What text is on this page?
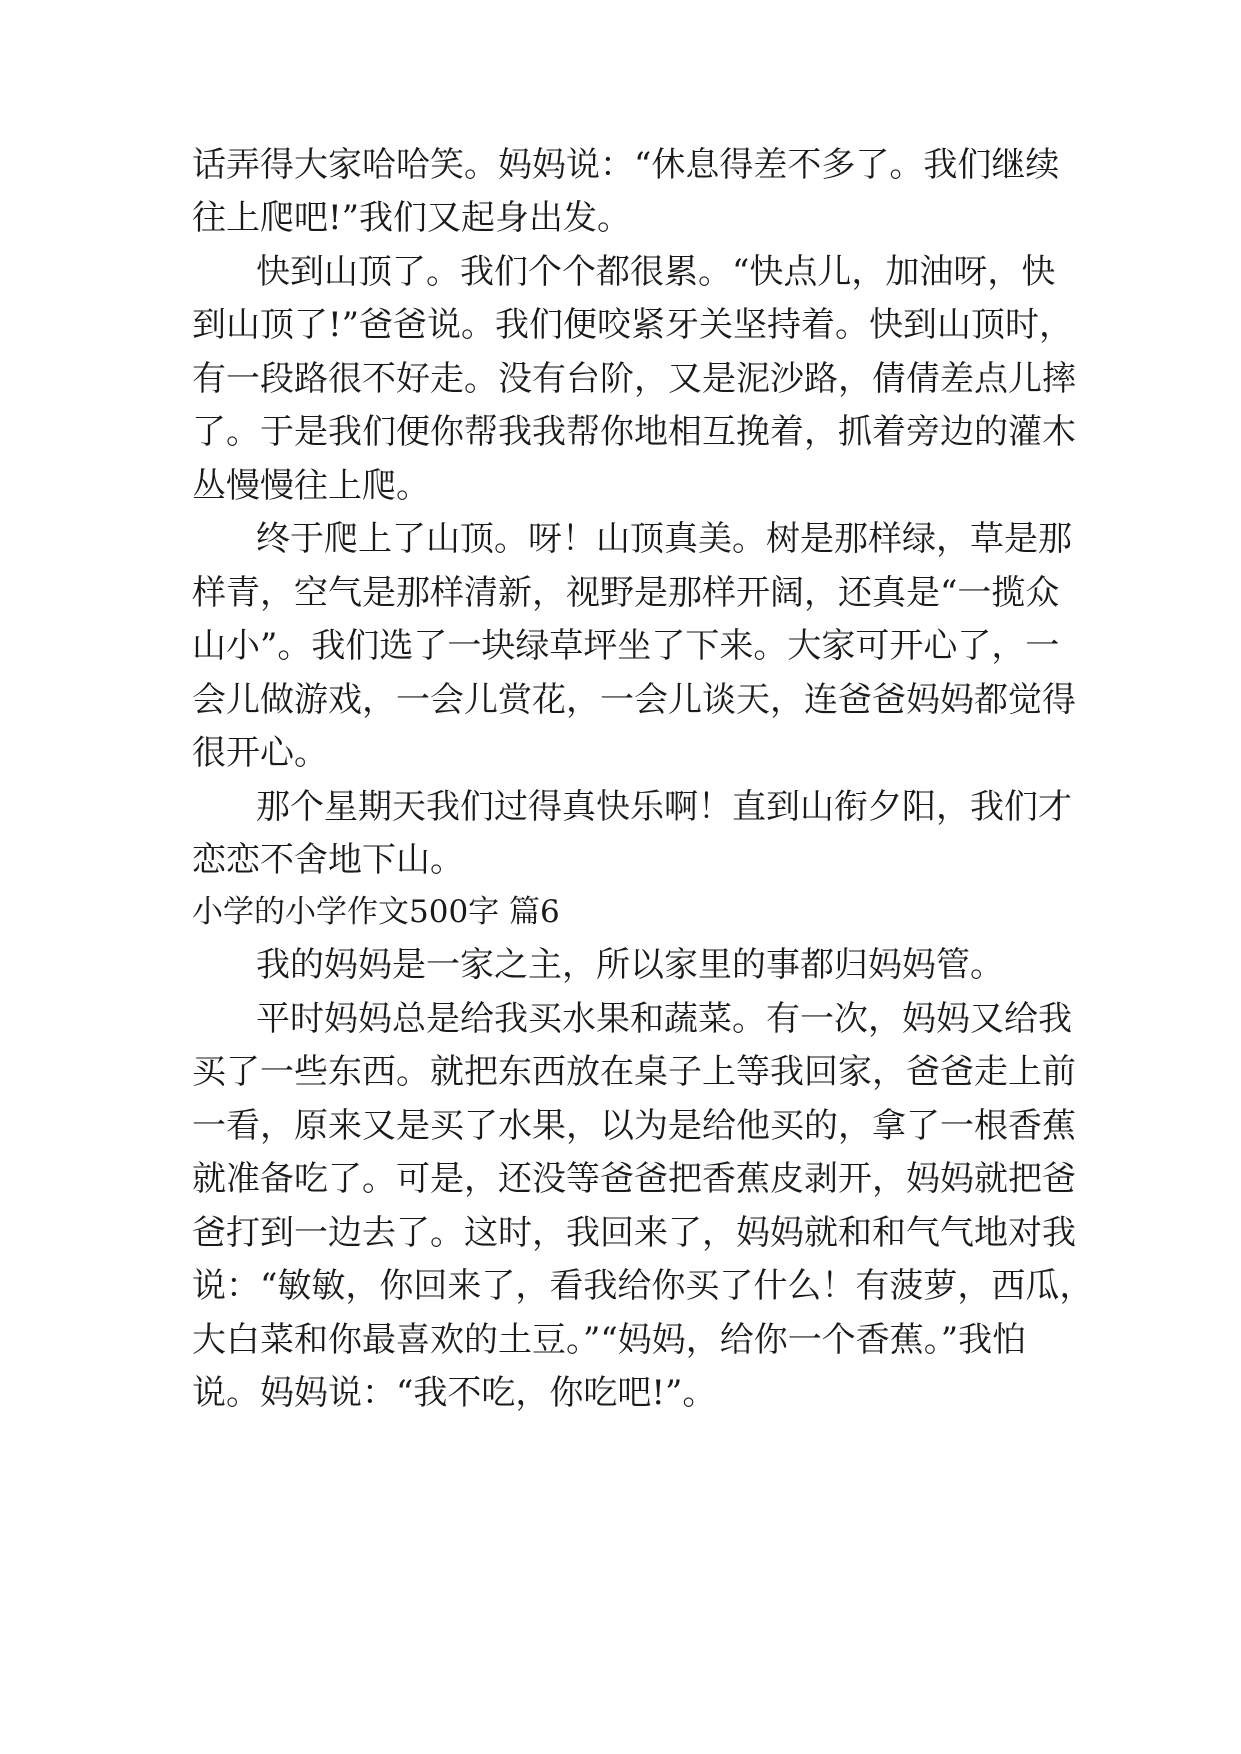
话弄得大家哈哈笑。妈妈说：“休息得差不多了。我们继续
往上爬吧!”我们又起身出发。
快到山顶了。我们个个都很累。“快点儿，加油呀，快
到山顶了!”爸爸说。我们便咬紧牙关坚持着。快到山顶时，
有一段路很不好走。没有台阶，又是泥沙路，倩倩差点儿摔
了。于是我们便你帮我我帮你地相互挽着，抓着旁边的灌木
丛慢慢往上爬。
终于爬上了山顶。呀！山顶真美。树是那样绿，草是那
样青，空气是那样清新，视野是那样开阔，还真是“一揽众
山小”。我们选了一块绿草坪坐了下来。大家可开心了，一
会儿做游戏，一会儿赏花，一会儿谈天，连爸爸妈妈都觉得
很开心。
那个星期天我们过得真快乐啊！直到山衔夕阳，我们才
恋恋不舍地下山。
小学的小学作文500字 篇6
我的妈妈是一家之主，所以家里的事都归妈妈管。
平时妈妈总是给我买水果和蔬菜。有一次，妈妈又给我
买了一些东西。就把东西放在桌子上等我回家，爸爸走上前
一看，原来又是买了水果，以为是给他买的，拿了一根香蕉
就准备吃了。可是，还没等爸爸把香蕉皮剥开，妈妈就把爸
爸打到一边去了。这时，我回来了，妈妈就和和气气地对我
说：“敏敏，你回来了，看我给你买了什么！有菠萝，西瓜，
大白菜和你最喜欢的土豆。”“妈妈，给你一个香蕉。”我怕
说。妈妈说：“我不吃，你吃吧!”。
